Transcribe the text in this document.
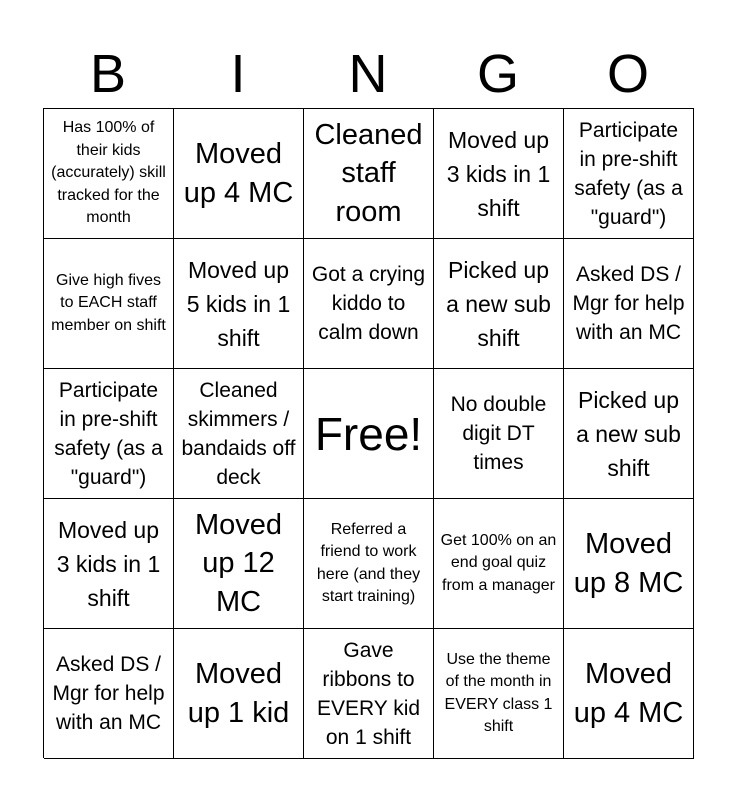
B	I	N	G	O
Has 100% of their kids (accurately) skill tracked for the month
Moved up 4 MC
Cleaned staff room
Moved up 3 kids in 1 shift
Participate in pre-shift safety (as a "guard")
Give high fives to EACH staff member on shift
Moved up 5 kids in 1 shift
Got a crying kiddo to calm down
Picked up a new sub shift
Asked DS / Mgr for help with an MC
Participate in pre-shift safety (as a "guard")
Cleaned skimmers / bandaids off deck
Free!
No double digit DT times
Picked up a new sub shift
Moved up 3 kids in 1 shift
Moved up 12 MC
Referred a friend to work here (and they start training)
Get 100% on an end goal quiz from a manager
Moved up 8 MC
Asked DS / Mgr for help with an MC
Moved up 1 kid
Gave ribbons to EVERY kid on 1 shift
Use the theme of the month in EVERY class 1 shift
Moved up 4 MC
